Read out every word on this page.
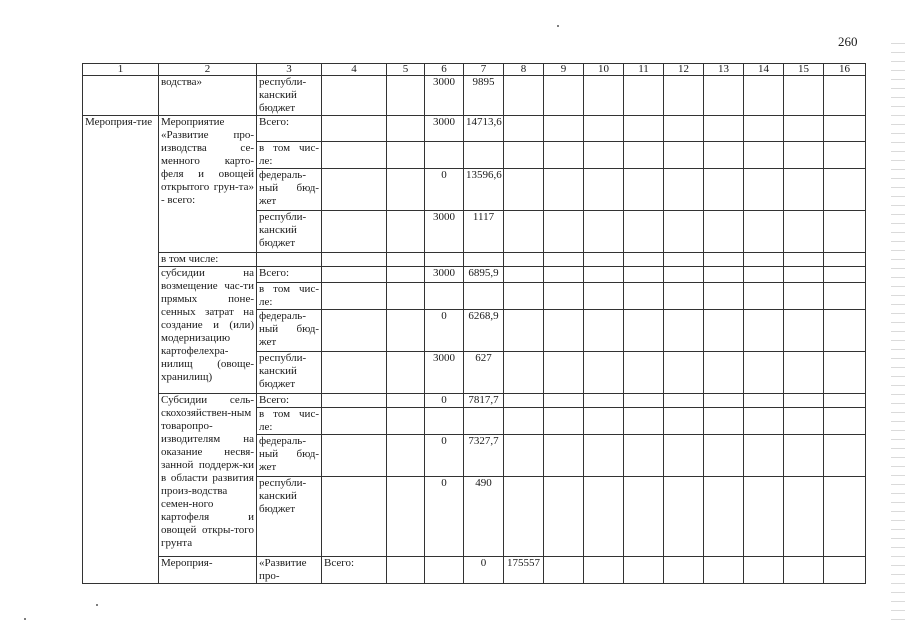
260
1	2	3	4	5	6	7	8	9	10	11	12	13	14	15	16	
	водства»	республи-канский бюджет			3000	9895										
Мероприя-тие	Мероприятие «Развитие про-изводства се-менного карто-феля и овощей открытого грун-та» - всего:	Всего:			3000	14713,6										
		в том чис-ле:														
		федераль-ный бюд-жет			0	13596,6										
		республи-канский бюджет			3000	1117										
	в том числе:															
	субсидии на возмещение час-ти прямых поне-сенных затрат на создание и (или) модернизацию картофелехра-нилищ (овоще-хранилищ)	Всего:			3000	6895,9										
		в том чис-ле:														
		федераль-ный бюд-жет			0	6268,9										
		республи-канский бюджет			3000	627										
	Субсидии сель-скохозяйствен-ным товаропро-изводителям на оказание несвя-занной поддерж-ки в области развития произ-водства семен-ного картофеля и овощей откры-того грунта	Всего:			0	7817,7										
		в том чис-ле:														
		федераль-ный бюд-жет			0	7327,7										
		республи-канский бюджет			0	490										
	Мероприя-	«Развитие про-	Всего:			0	175557									
